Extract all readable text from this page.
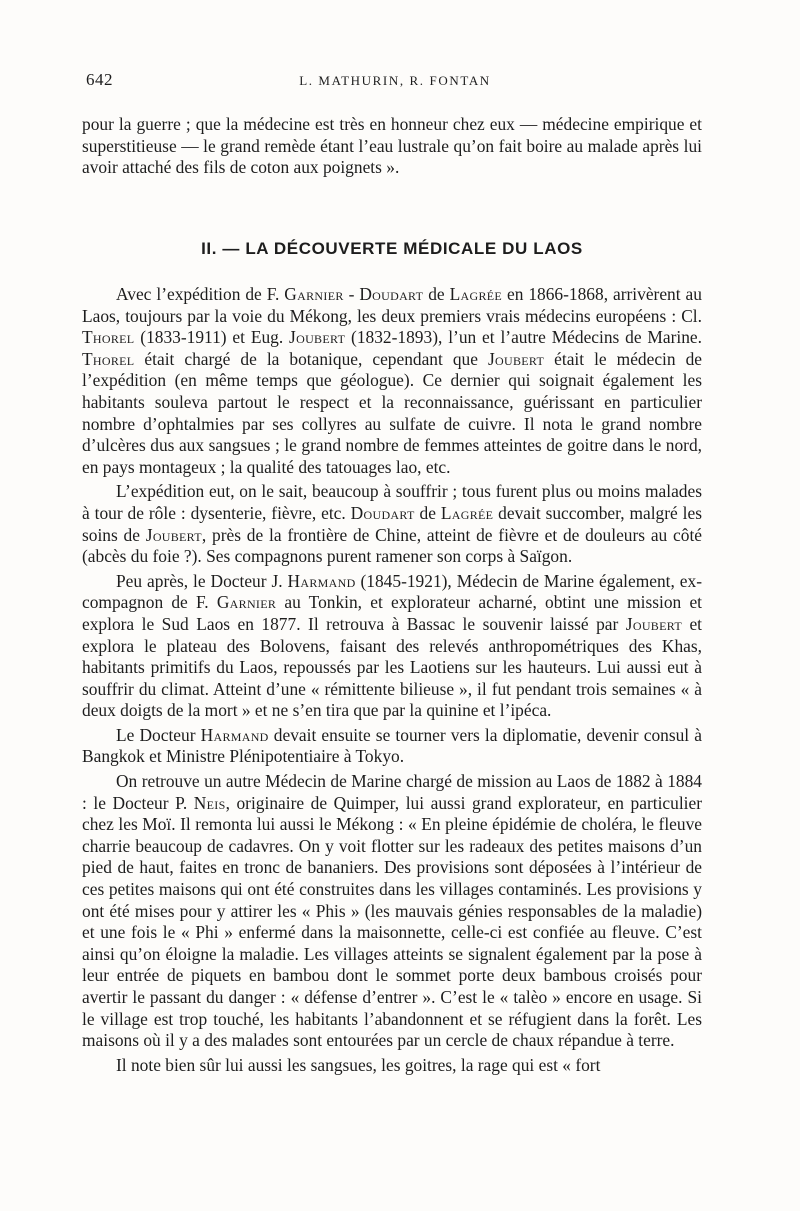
642	L. MATHURIN, R. FONTAN

pour la guerre ; que la médecine est très en honneur chez eux — médecine empirique et superstitieuse — le grand remède étant l’eau lustrale qu’on fait boire au malade après lui avoir attaché des fils de coton aux poignets ».

II. — LA DÉCOUVERTE MÉDICALE DU LAOS

Avec l’expédition de F. Garnier - Doudart de Lagrée en 1866-1868, arrivèrent au Laos, toujours par la voie du Mékong, les deux premiers vrais médecins européens : Cl. Thorel (1833-1911) et Eug. Joubert (1832-1893), l’un et l’autre Médecins de Marine. Thorel était chargé de la botanique, cependant que Joubert était le médecin de l’expédition (en même temps que géologue). Ce dernier qui soignait également les habitants souleva partout le respect et la reconnaissance, guérissant en particulier nombre d’ophtalmies par ses collyres au sulfate de cuivre. Il nota le grand nombre d’ulcères dus aux sangsues ; le grand nombre de femmes atteintes de goitre dans le nord, en pays montageux ; la qualité des tatouages lao, etc.

L’expédition eut, on le sait, beaucoup à souffrir ; tous furent plus ou moins malades à tour de rôle : dysenterie, fièvre, etc. Doudart de Lagrée devait succomber, malgré les soins de Joubert, près de la frontière de Chine, atteint de fièvre et de douleurs au côté (abcès du foie ?). Ses compagnons purent ramener son corps à Saïgon.

Peu après, le Docteur J. Harmand (1845-1921), Médecin de Marine également, ex-compagnon de F. Garnier au Tonkin, et explorateur acharné, obtint une mission et explora le Sud Laos en 1877. Il retrouva à Bassac le souvenir laissé par Joubert et explora le plateau des Bolovens, faisant des relevés anthropométriques des Khas, habitants primitifs du Laos, repoussés par les Laotiens sur les hauteurs. Lui aussi eut à souffrir du climat. Atteint d’une « rémittente bilieuse », il fut pendant trois semaines « à deux doigts de la mort » et ne s’en tira que par la quinine et l’ipéca.

Le Docteur Harmand devait ensuite se tourner vers la diplomatie, devenir consul à Bangkok et Ministre Plénipotentiaire à Tokyo.

On retrouve un autre Médecin de Marine chargé de mission au Laos de 1882 à 1884 : le Docteur P. Neis, originaire de Quimper, lui aussi grand explorateur, en particulier chez les Moï. Il remonta lui aussi le Mékong : « En pleine épidémie de choléra, le fleuve charrie beaucoup de cadavres. On y voit flotter sur les radeaux des petites maisons d’un pied de haut, faites en tronc de bananiers. Des provisions sont déposées à l’intérieur de ces petites maisons qui ont été construites dans les villages contaminés. Les provisions y ont été mises pour y attirer les « Phis » (les mauvais génies responsables de la maladie) et une fois le « Phi » enfermé dans la maisonnette, celle-ci est confiée au fleuve. C’est ainsi qu’on éloigne la maladie. Les villages atteints se signalent également par la pose à leur entrée de piquets en bambou dont le sommet porte deux bambous croisés pour avertir le passant du danger : « défense d’entrer ». C’est le « talèo » encore en usage. Si le village est trop touché, les habitants l’abandonnent et se réfugient dans la forêt. Les maisons où il y a des malades sont entourées par un cercle de chaux répandue à terre.

Il note bien sûr lui aussi les sangsues, les goitres, la rage qui est « fort
